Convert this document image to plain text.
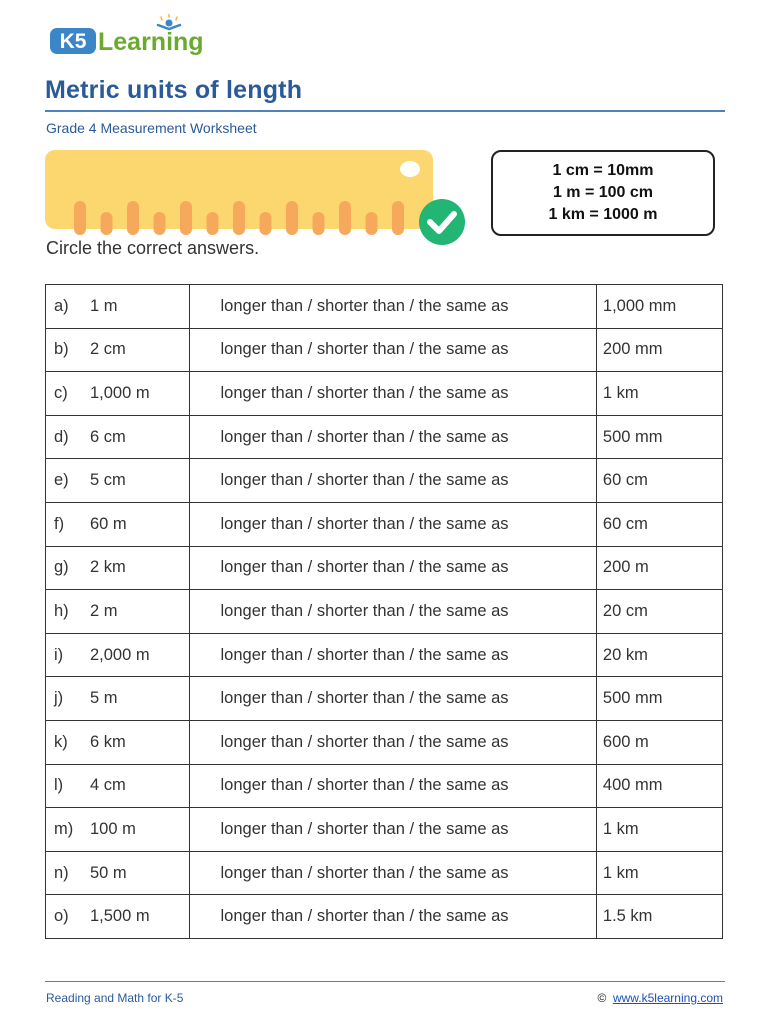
K5 Learning
Metric units of length
Grade 4 Measurement Worksheet
1 cm = 10mm
1 m = 100 cm
1 km = 1000 m
Circle the correct answers.
a) 1 m	longer than / shorter than / the same as	1,000 mm
b) 2 cm	longer than / shorter than / the same as	200 mm
c) 1,000 m	longer than / shorter than / the same as	1 km
d) 6 cm	longer than / shorter than / the same as	500 mm
e) 5 cm	longer than / shorter than / the same as	60 cm
f) 60 m	longer than / shorter than / the same as	60 cm
g) 2 km	longer than / shorter than / the same as	200 m
h) 2 m	longer than / shorter than / the same as	20 cm
i) 2,000 m	longer than / shorter than / the same as	20 km
j) 5 m	longer than / shorter than / the same as	500 mm
k) 6 km	longer than / shorter than / the same as	600 m
l) 4 cm	longer than / shorter than / the same as	400 mm
m) 100 m	longer than / shorter than / the same as	1 km
n) 50 m	longer than / shorter than / the same as	1 km
o) 1,500 m	longer than / shorter than / the same as	1.5 km
Reading and Math for K-5	© www.k5learning.com
